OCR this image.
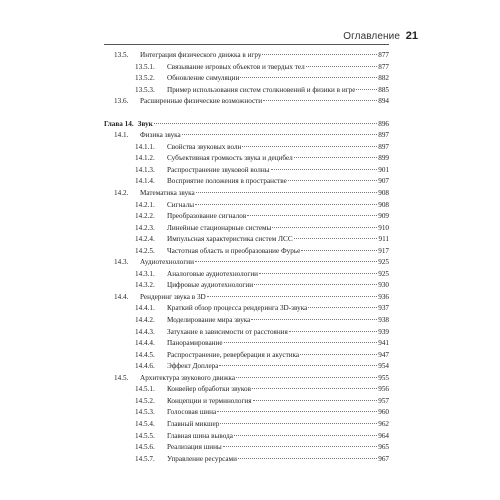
Оглавление 21
13.5.	Интеграция физического движка в игру	877
13.5.1.	Связывание игровых объектов и твердых тел	877
13.5.2.	Обновление симуляции	882
13.5.3.	Пример использования систем столкновений и физики в игре	885
13.6.	Расширенные физические возможности	894
Глава 14. Звук	896
14.1.	Физика звука	897
14.1.1.	Свойства звуковых волн	897
14.1.2.	Субъективная громкость звука и децибел	899
14.1.3.	Распространение звуковой волны	901
14.1.4.	Восприятие положения в пространстве	907
14.2.	Математика звука	908
14.2.1.	Сигналы	908
14.2.2.	Преобразование сигналов	909
14.2.3.	Линейные стационарные системы	910
14.2.4.	Импульсная характеристика систем ЛСС	911
14.2.5.	Частотная область и преобразование Фурье	917
14.3.	Аудиотехнологии	925
14.3.1.	Аналоговые аудиотехнологии	925
14.3.2.	Цифровые аудиотехнологии	930
14.4.	Рендеринг звука в 3D	936
14.4.1.	Краткий обзор процесса рендеринга 3D-звука	937
14.4.2.	Моделирование мира звука	938
14.4.3.	Затухание в зависимости от расстояния	939
14.4.4.	Панорамирование	941
14.4.5.	Распространение, реверберация и акустика	947
14.4.6.	Эффект Доплера	954
14.5.	Архитектура звукового движка	955
14.5.1.	Конвейер обработки звуков	956
14.5.2.	Концепции и терминология	957
14.5.3.	Голосовая шина	960
14.5.4.	Главный микшер	962
14.5.5.	Главная шина вывода	964
14.5.6.	Реализация шины	965
14.5.7.	Управление ресурсами	967
